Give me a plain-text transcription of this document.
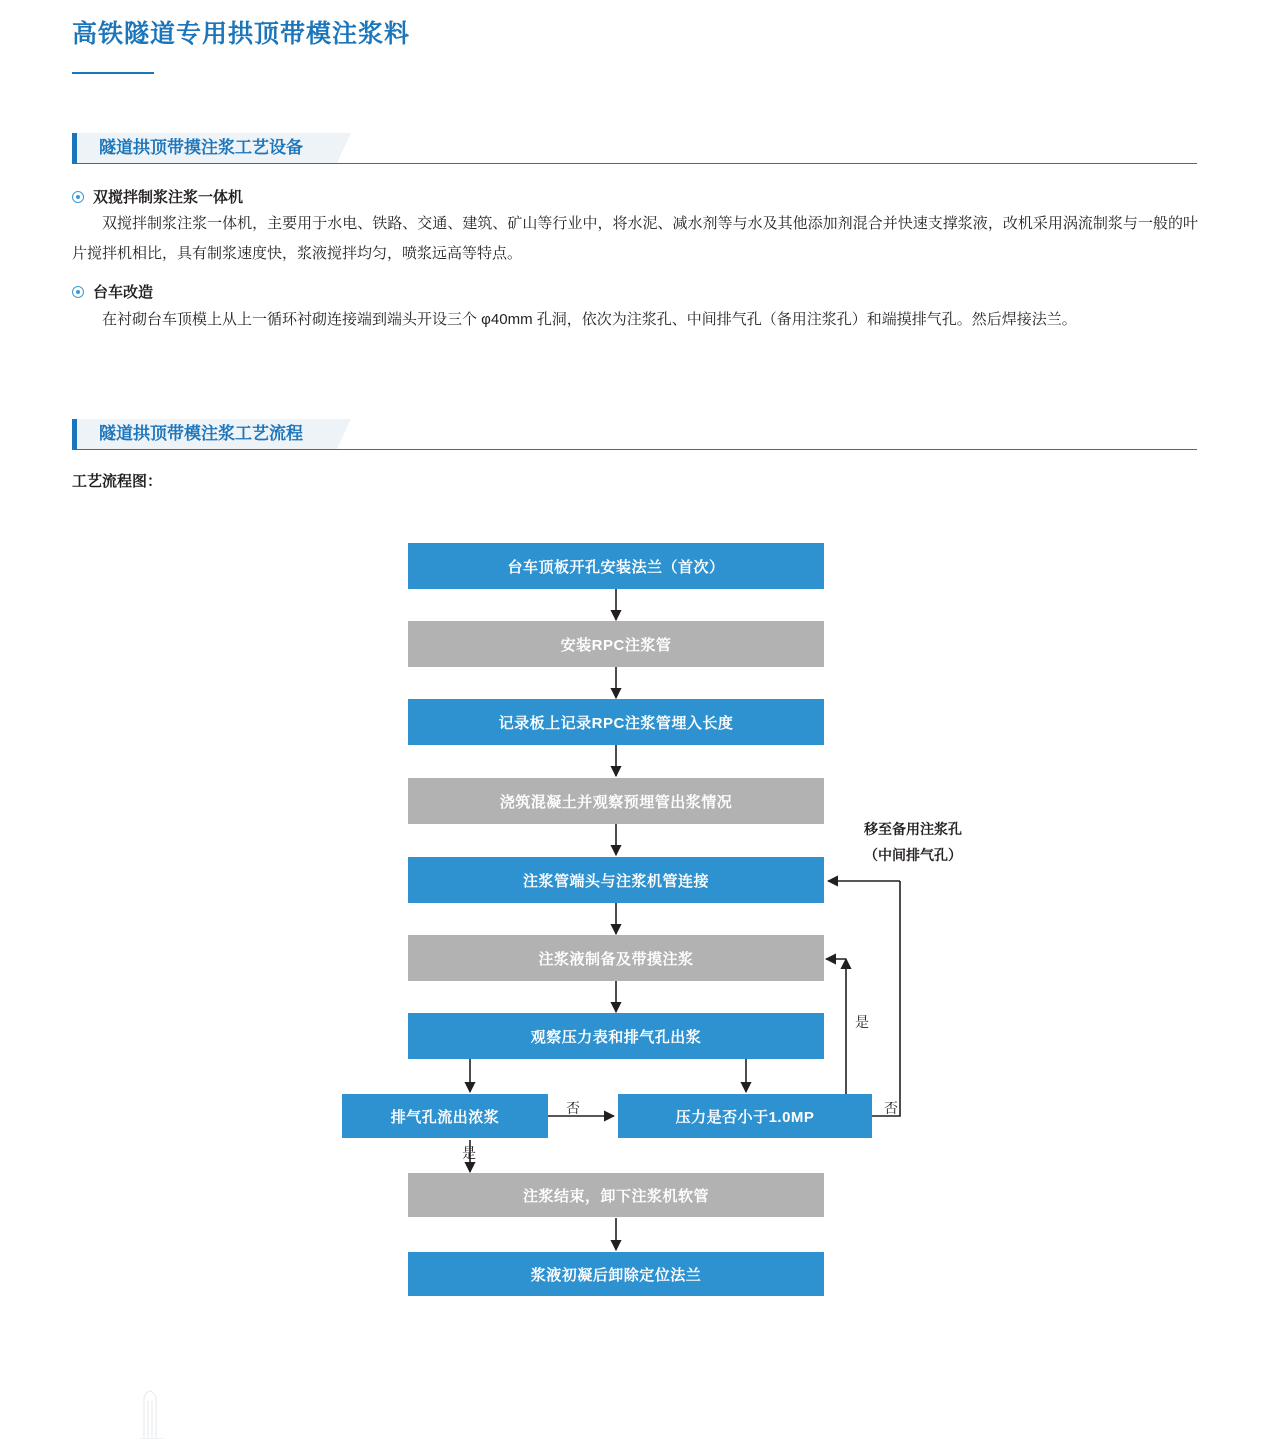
高铁隧道专用拱顶带模注浆料
隧道拱顶带摸注浆工艺设备
双搅拌制浆注浆一体机
双搅拌制浆注浆一体机，主要用于水电、铁路、交通、建筑、矿山等行业中，将水泥、减水剂等与水及其他添加剂混合并快速支撑浆液，改机采用涡流制浆与一般的叶片搅拌机相比，具有制浆速度快，浆液搅拌均匀，喷浆远高等特点。
台车改造
在衬砌台车顶模上从上一循环衬砌连接端到端头开设三个 φ40mm 孔洞，依次为注浆孔、中间排气孔（备用注浆孔）和端摸排气孔。然后焊接法兰。
隧道拱顶带模注浆工艺流程
工艺流程图：
台车顶板开孔安装法兰（首次）
安装RPC注浆管
记录板上记录RPC注浆管埋入长度
浇筑混凝土并观察预埋管出浆情况
注浆管端头与注浆机管连接
注浆液制备及带摸注浆
观察压力表和排气孔出浆
排气孔流出浓浆	压力是否小于1.0MP
注浆结束，卸下注浆机软管
浆液初凝后卸除定位法兰
否
是
否
是
移至备用注浆孔
（中间排气孔）
